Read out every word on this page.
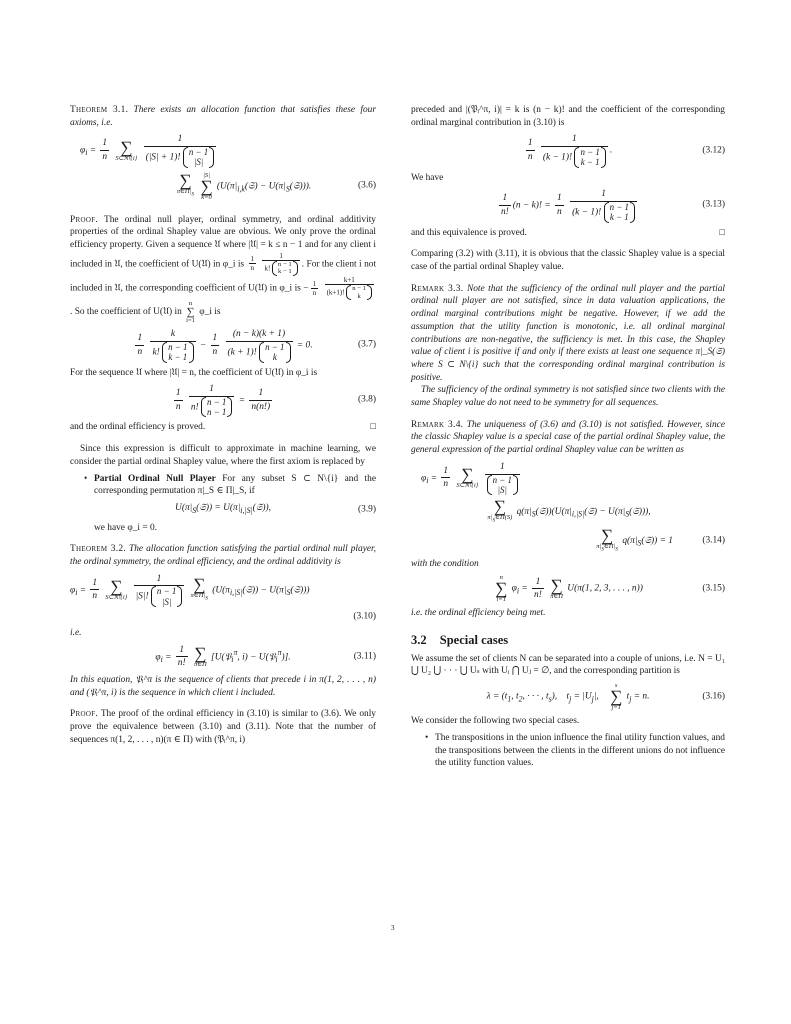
Theorem 3.1. There exists an allocation function that satisfies these four axioms, i.e.

$\varphi_i = \frac{1}{n}$
∑
S⊂N\{i}
1
(|S| + 1)!
n − 1
|S|
∑
$\pi\in\Pi|_S$

|S|
∑
k=0
($U(\pi|_{i,k}(𝔖)$ − $U(\pi|_S(𝔖))$).	(3.6)

Proof. The ordinal null player, ordinal symmetry, and ordinal additivity properties of the ordinal Shapley value are obvious. We only prove the ordinal efficiency property. Given a sequence 𝔘 where |𝔘| = k ≤ n − 1 and for any client i included in 𝔘, the coefficient of U(𝔘) in φ_i is $\frac{1}{n}$
1
k! n − 1
k − 1 . For the client i not included in 𝔘, the corresponding coefficient of U(𝔘) in φ_i is − $\frac{1}{n}$
k+1
(k+1)! n − 1
k
. So the coefficient of U(𝔘) in
n
∑
i=1
φ_i is

$\frac{1}{n}$
k
k!
n − 1
$k - 1 - \frac{1}{n}$
(n − k)(k + 1)
(k + 1)!
n − 1
k = 0.	(3.7)

For the sequence 𝔘 where |𝔘| = n, the coefficient of U(𝔘) in φ_i is

$\frac{1}{n}$
1
n!
n − 1
$n - 1 = \frac{1}{n(n!)}$	(3.8)

and the ordinal efficiency is proved.	□

Since this expression is difficult to approximate in machine learning, we consider the partial ordinal Shapley value, where the first axiom is replaced by

• Partial Ordinal Null Player For any subset S ⊂ N\{i} and the corresponding permutation π|_S ∈ Π|_S, if

$U(\pi|_S(𝔖))$ = $U(\pi|_{i,|S|}(𝔖))$,	(3.9)

we have φ_i = 0.

Theorem 3.2. The allocation function satisfying the partial ordinal null player, the ordinal symmetry, the ordinal efficiency, and the ordinal additivity is

$\varphi_i = \frac{1}{n}$
∑
S⊂N\{i}
1
|S|!
n − 1
|S|
∑
$\pi\in\Pi|_S$
($U(\pi_{i,|S|}(𝔖))$ − $U(\pi|_S(𝔖))$)
(3.10)

i.e.

$\varphi_i = \frac{1}{n!}$
∑
π∈Π
[U(𝔓$_i^\pi$, i) − U(𝔓$_i^\pi$)].	(3.11)

In this equation, 𝔓ᵢ^π is the sequence of clients that precede i in π(1, 2, . . . , n) and (𝔓ᵢ^π, i) is the sequence in which client i included.

Proof. The proof of the ordinal efficiency in (3.10) is similar to (3.6). We only prove the equivalence between (3.10) and (3.11). Note that the number of sequences π(1, 2, . . . , n)(π ∈ Π) with (𝔓ᵢ^π, i)

preceded and |(𝔓ᵢ^π, i)| = k is (n − k)! and the coefficient of the corresponding ordinal marginal contribution in (3.10) is

$\frac{1}{n}$
1
(k − 1)!
n − 1
k − 1 .	(3.12)

We have

$\frac{1}{n!} (n - k)$! = $\frac{1}{n}$
1
(k − 1)!
n − 1
k − 1	(3.13)

and this equivalence is proved.	□

Comparing (3.2) with (3.11), it is obvious that the classic Shapley value is a special case of the partial ordinal Shapley value.

Remark 3.3. Note that the sufficiency of the ordinal null player and the partial ordinal null player are not satisfied, since in data valuation applications, the ordinal marginal contributions might be negative. However, if we add the assumption that the utility function is monotonic, i.e. all ordinal marginal contributions are non-negative, the sufficiency is met. In this case, the Shapley value of client i is positive if and only if there exists at least one sequence π|_S(𝔖) where S ⊂ N\{i} such that the corresponding ordinal marginal contribution is positive.

The sufficiency of the ordinal symmetry is not satisfied since two clients with the same Shapley value do not need to be symmetry for all sequences.

Remark 3.4. The uniqueness of (3.6) and (3.10) is not satisfied. However, since the classic Shapley value is a special case of the partial ordinal Shapley value, the general expression of the partial ordinal Shapley value can be written as

$\varphi_i = \frac{1}{n}$
∑
S⊂N\{i}
1
n − 1
|S|
∑
$\pi|_S\in\Pi(S)$
$q(\pi|_S(𝔖))(U(\pi|_{i,|S|}(𝔖)$ − $U(\pi|_S(𝔖))$),
∑
$\pi|_S\in\Pi|_S$
$q(\pi|_S(𝔖)) = 1$	(3.14)

with the condition

n
∑
i=1
$\varphi_i = \frac{1}{n!}$
∑
π∈Π
U(π(1, 2, 3, . . . , n))	(3.15)

i.e. the ordinal efficiency being met.

3.2 Special cases

We assume the set of clients N can be separated into a couple of unions, i.e. N = U₁ ⋃ U₂ ⋃ · · · ⋃ Uₛ with Uᵢ ⋂ Uⱼ = ∅, and the corresponding partition is

$\lambda = (t_1$, $t_2$, · · · , $t_s$),    $t_j = |U_j|$,
s
∑
j=1
$t_j = n$.	(3.16)

We consider the following two special cases.

• The transpositions in the union influence the final utility function values, and the transpositions between the clients in the different unions do not influence the utility function values.

3
